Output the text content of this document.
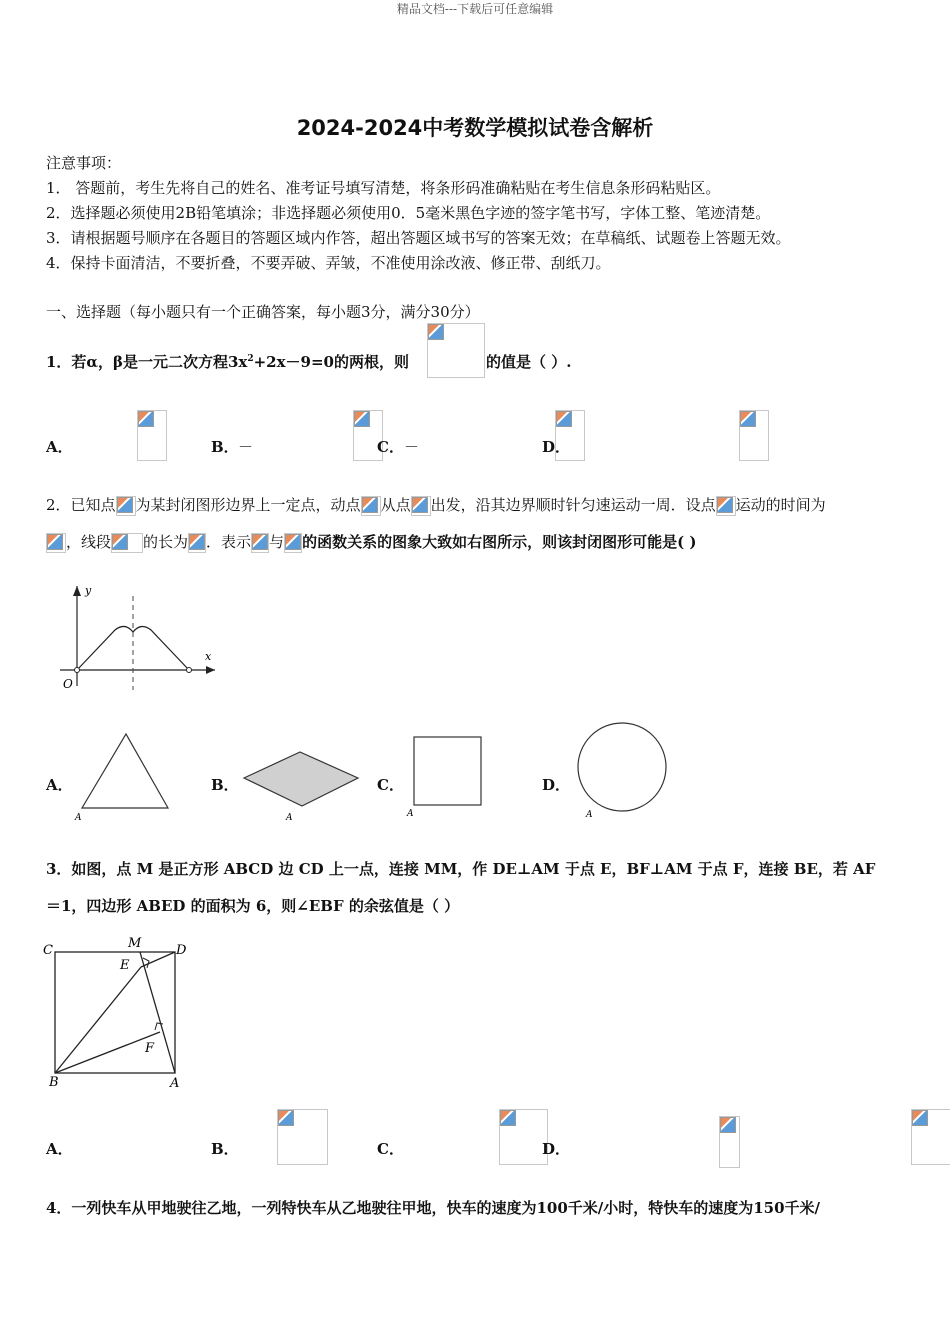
精品文档---下载后可任意编辑
2024-2024中考数学模拟试卷含解析
注意事项：
1． 答题前，考生先将自己的姓名、准考证号填写清楚，将条形码准确粘贴在考生信息条形码粘贴区。
2．选择题必须使用2B铅笔填涂；非选择题必须使用0．5毫米黑色字迹的签字笔书写，字体工整、笔迹清楚。
3．请根据题号顺序在各题目的答题区域内作答，超出答题区域书写的答案无效；在草稿纸、试题卷上答题无效。
4．保持卡面清洁，不要折叠，不要弄破、弄皱，不准使用涂改液、修正带、刮纸刀。
一、选择题（每小题只有一个正确答案，每小题3分，满分30分）
1．若α，β是一元二次方程$3x^2+2x-9=0$的两根，则
	的值是（ ）.
A．
	B． －
	C． －
	D．

2．已知点 为某封闭图形边界上一定点，动点 从点 出发，沿其边界顺时针匀速运动一周．设点 运动的时间为
，线段 的长为 ．表示 与 的函数关系的图象大致如右图所示，则该封闭图形可能是( )
y
x
O
A．
A
B．
A
C．
A
D．
A
3．如图，点 M 是正方形 ABCD 边 CD 上一点，连接 MM，作 DE⊥AM 于点 E，BF⊥AM 于点 F，连接 BE，若 AF
＝1，四边形 ABED 的面积为 6，则∠EBF 的余弦值是（ ）
C	M	D
E
F
B	A
A．
	B．
	C．
	D．
4．一列快车从甲地驶往乙地，一列特快车从乙地驶往甲地，快车的速度为100千米/小时，特快车的速度为150千米/
